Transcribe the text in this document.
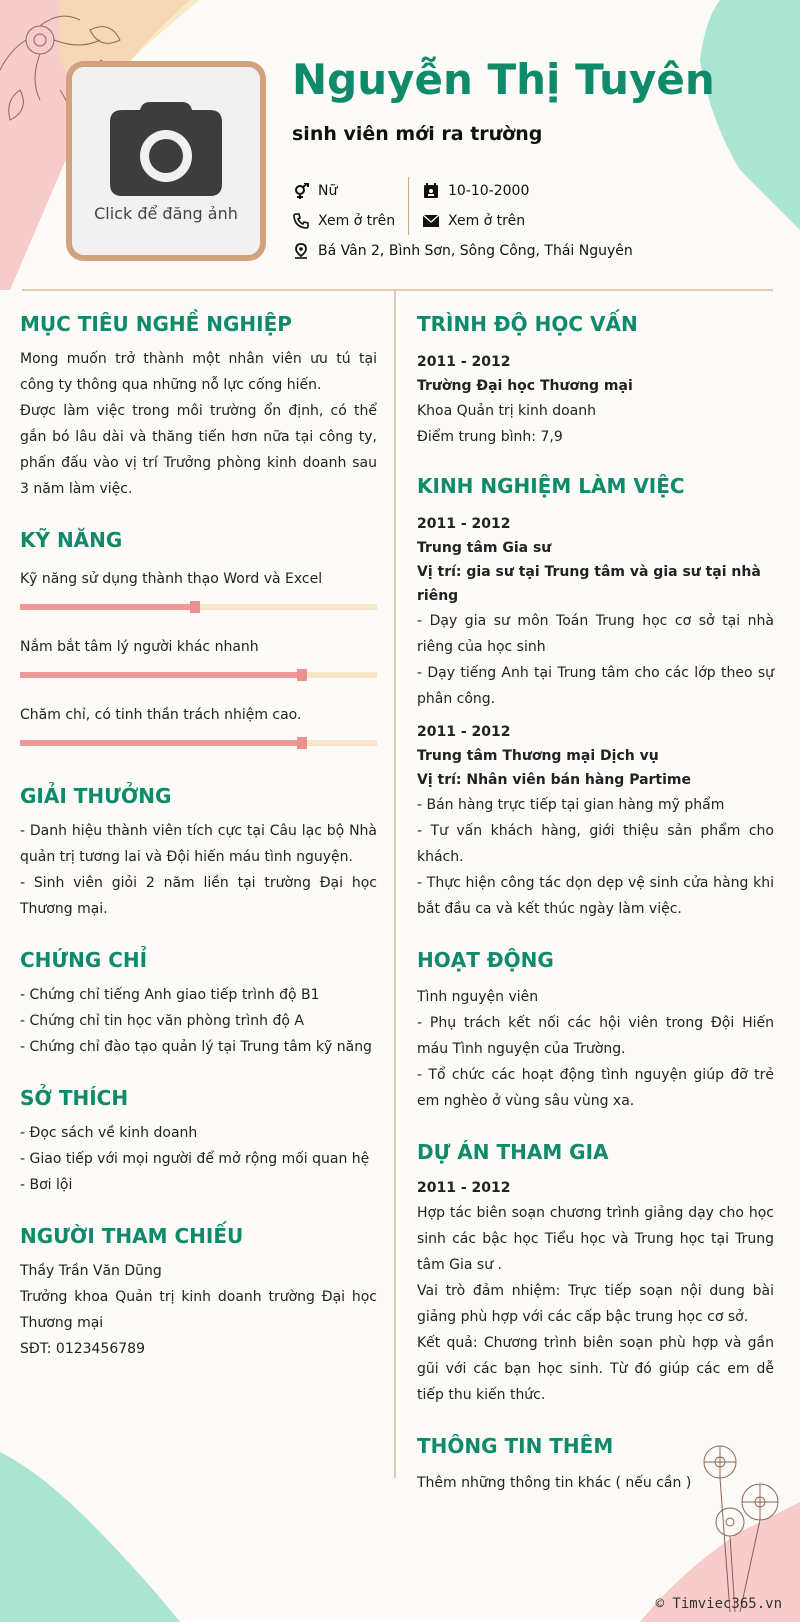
Click để đăng ảnh
Nguyễn Thị Tuyên
sinh viên mới ra trường
Nữ	10-10-2000
Xem ở trên	Xem ở trên
Bá Vân 2, Bình Sơn, Sông Công, Thái Nguyên
MỤC TIÊU NGHỀ NGHIỆP
Mong muốn trở thành một nhân viên ưu tú tại công ty thông qua những nỗ lực cống hiến.
Được làm việc trong môi trường ổn định, có thể gắn bó lâu dài và thăng tiến hơn nữa tại công ty, phấn đấu vào vị trí Trưởng phòng kinh doanh sau 3 năm làm việc.
KỸ NĂNG
Kỹ năng sử dụng thành thạo Word và Excel
Nắm bắt tâm lý người khác nhanh
Chăm chỉ, có tinh thần trách nhiệm cao.
GIẢI THƯỞNG
- Danh hiệu thành viên tích cực tại Câu lạc bộ Nhà quản trị tương lai và Đội hiến máu tình nguyện.
- Sinh viên giỏi 2 năm liền tại trường Đại học Thương mại.
CHỨNG CHỈ
- Chứng chỉ tiếng Anh giao tiếp trình độ B1
- Chứng chỉ tin học văn phòng trình độ A
- Chứng chỉ đào tạo quản lý tại Trung tâm kỹ năng
SỞ THÍCH
- Đọc sách về kinh doanh
- Giao tiếp với mọi người để mở rộng mối quan hệ
- Bơi lội
NGƯỜI THAM CHIẾU
Thầy Trần Văn Dũng
Trưởng khoa Quản trị kinh doanh trường Đại học Thương mại
SĐT: 0123456789
TRÌNH ĐỘ HỌC VẤN
2011 - 2012
Trường Đại học Thương mại
Khoa Quản trị kinh doanh
Điểm trung bình: 7,9
KINH NGHIỆM LÀM VIỆC
2011 - 2012
Trung tâm Gia sư
Vị trí: gia sư tại Trung tâm và gia sư tại nhà riêng
- Dạy gia sư môn Toán Trung học cơ sở tại nhà riêng của học sinh
- Dạy tiếng Anh tại Trung tâm cho các lớp theo sự phân công.
2011 - 2012
Trung tâm Thương mại Dịch vụ
Vị trí: Nhân viên bán hàng Partime
- Bán hàng trực tiếp tại gian hàng mỹ phẩm
- Tư vấn khách hàng, giới thiệu sản phẩm cho khách.
- Thực hiện công tác dọn dẹp vệ sinh cửa hàng khi bắt đầu ca và kết thúc ngày làm việc.
HOẠT ĐỘNG
Tình nguyện viên
- Phụ trách kết nối các hội viên trong Đội Hiến máu Tình nguyện của Trường.
- Tổ chức các hoạt động tình nguyện giúp đỡ trẻ em nghèo ở vùng sâu vùng xa.
DỰ ÁN THAM GIA
2011 - 2012
Hợp tác biên soạn chương trình giảng dạy cho học sinh các bậc học Tiểu học và Trung học tại Trung tâm Gia sư .
Vai trò đảm nhiệm: Trực tiếp soạn nội dung bài giảng phù hợp với các cấp bậc trung học cơ sở.
Kết quả: Chương trình biên soạn phù hợp và gần gũi với các bạn học sinh. Từ đó giúp các em dễ tiếp thu kiến thức.
THÔNG TIN THÊM
Thêm những thông tin khác ( nếu cần )
© Timviec365.vn
